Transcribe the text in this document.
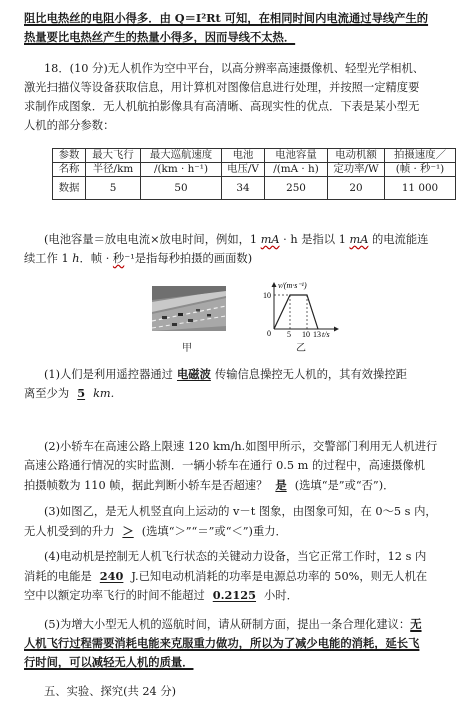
阻比电热丝的电阻小得多．由 Q＝I²Rt 可知，在相同时间内电流通过导线产生的
热量要比电热丝产生的热量小得多，因而导线不太热．
18．(10 分)无人机作为空中平台，以高分辨率高速摄像机、轻型光学相机、
激光扫描仪等设备获取信息，用计算机对图像信息进行处理，并按照一定精度要
求制作成图象．无人机航拍影像具有高清晰、高现实性的优点．下表是某小型无
人机的部分参数：
参数	最大飞行	最大巡航速度	电池	电池容量	电动机额	拍摄速度／
名称	半径/km	/(km · h⁻¹)	电压/V	/(mA · h)	定功率/W	(帧 · 秒⁻¹)
数据	5	50	34	250	20	11 000
(电池容量＝放电电流×放电时间，例如，1 mA · h 是指以 1 mA 的电流能连
续工作 1 h．帧 · 秒⁻¹是指每秒拍摄的画面数)
甲
v/(m·s⁻¹)
10
0 5 10 13 t/s
乙
(1)人们是利用遥控器通过 电磁波 传输信息操控无人机的，其有效操控距
离至少为 5 km.
(2)小轿车在高速公路上限速 120 km/h.如图甲所示，交警部门利用无人机进行
高速公路通行情况的实时监测．一辆小轿车在通行 0.5 m 的过程中，高速摄像机
拍摄帧数为 110 帧，据此判断小轿车是否超速？ 是 (选填“是”或“否”)．
(3)如图乙，是无人机竖直向上运动的 v－t 图象，由图象可知，在 0～5 s 内，
无人机受到的升力 ＞ (选填“＞”“＝”或“＜”)重力．
(4)电动机是控制无人机飞行状态的关键动力设备，当它正常工作时，12 s 内
消耗的电能是 240 J.已知电动机消耗的功率是电源总功率的 50%，则无人机在
空中以额定功率飞行的时间不能超过 0.2125 小时．
(5)为增大小型无人机的巡航时间，请从研制方面，提出一条合理化建议：无
人机飞行过程需要消耗电能来克服重力做功，所以为了减少电能的消耗，延长飞
行时间，可以减轻无人机的质量．
五、实验、探究(共 24 分)
